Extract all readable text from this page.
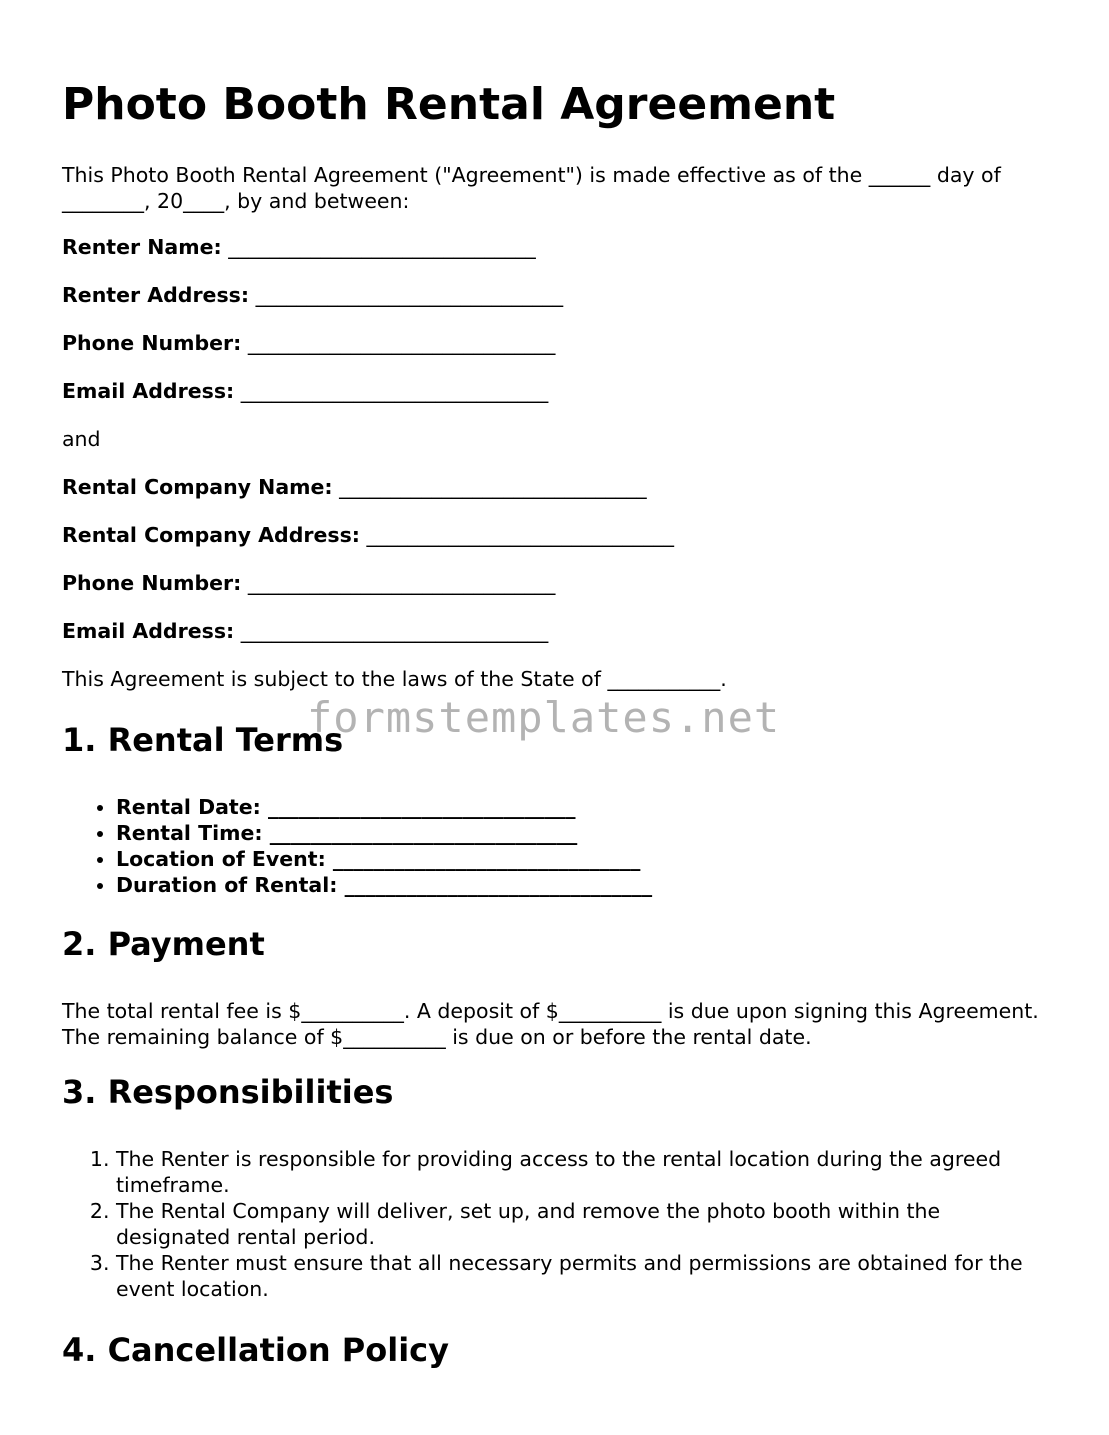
Photo Booth Rental Agreement

This Photo Booth Rental Agreement ("Agreement") is made effective as of the ______ day of ________, 20____, by and between:

Renter Name: ______________________________
Renter Address: ______________________________
Phone Number: ______________________________
Email Address: ______________________________

and

Rental Company Name: ______________________________
Rental Company Address: ______________________________
Phone Number: ______________________________
Email Address: ______________________________

This Agreement is subject to the laws of the State of ___________.

1. Rental Terms
• Rental Date: ______________________________
• Rental Time: ______________________________
• Location of Event: ______________________________
• Duration of Rental: ______________________________
2. Payment

The total rental fee is $__________. A deposit of $__________ is due upon signing this Agreement. The remaining balance of $__________ is due on or before the rental date.

3. Responsibilities
1. The Renter is responsible for providing access to the rental location during the agreed timeframe.
2. The Rental Company will deliver, set up, and remove the photo booth within the designated rental period.
3. The Renter must ensure that all necessary permits and permissions are obtained for the event location.
4. Cancellation Policy
formstemplates.net
